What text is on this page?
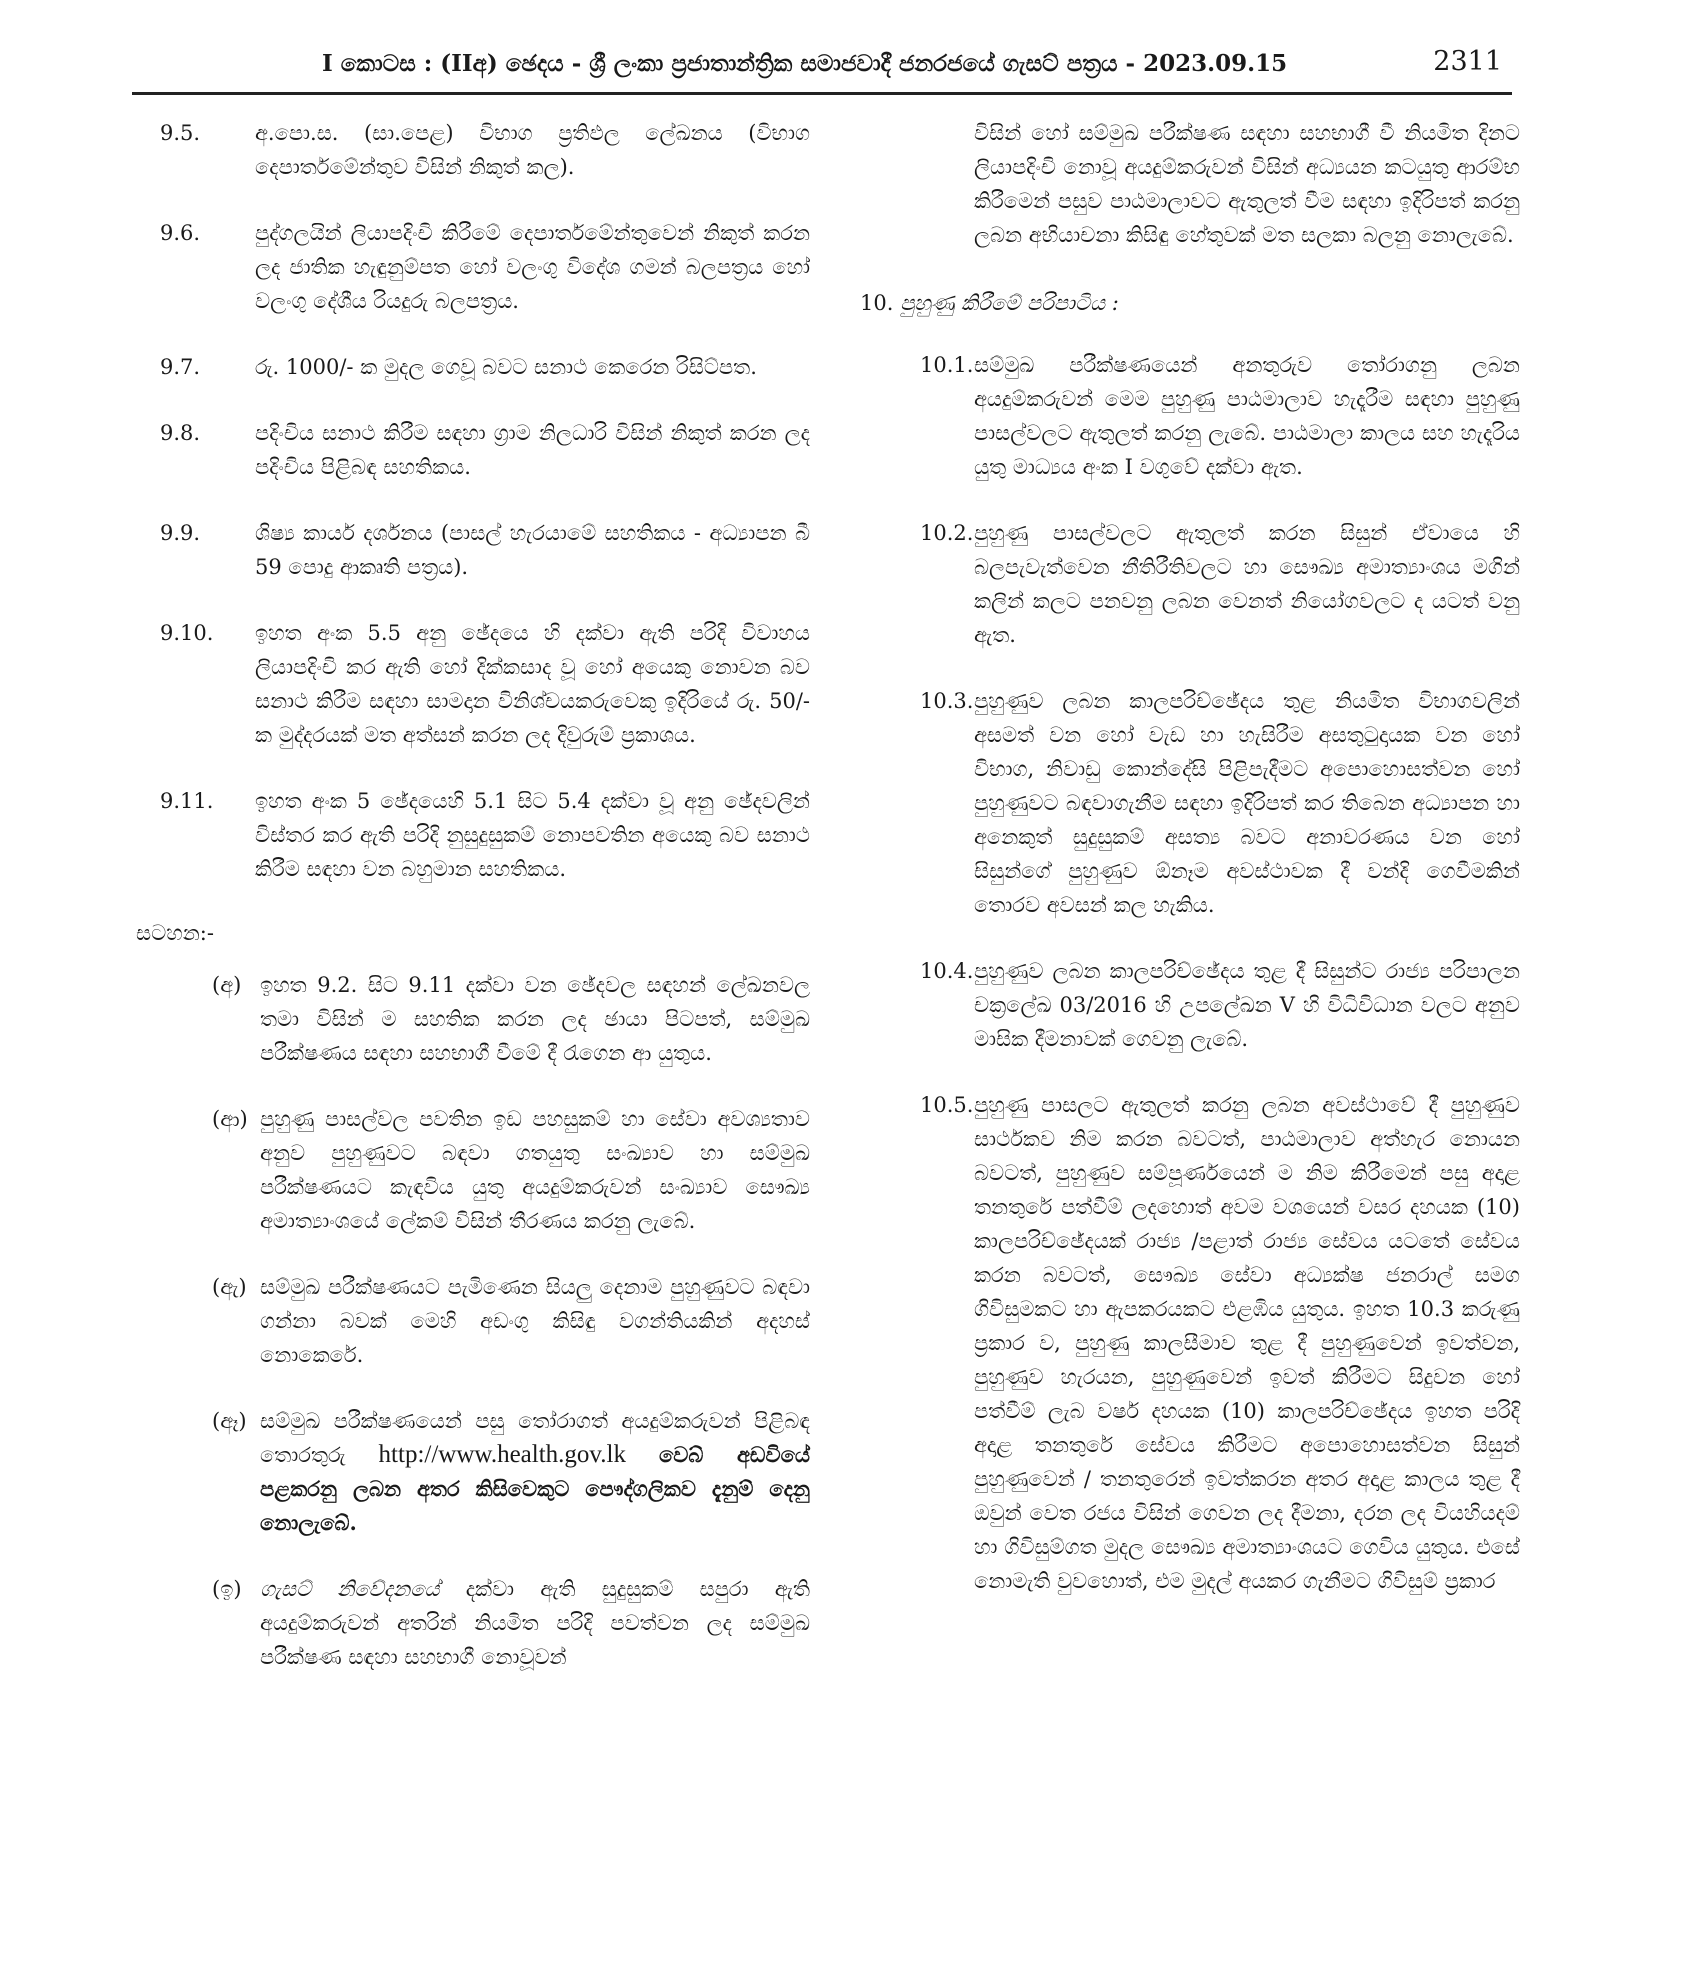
I කොටස : (IIඅ) ඡෙදය - ශ්‍රී ලංකා ප්‍රජාතාන්ත්‍රික සමාජවාදී ජනරජයේ ගැසට් පත්‍රය - 2023.09.15	2311
9.5.	අ.පො.ස. (සා.පෙළ) විභාග ප්‍රතිඵල ලේඛනය (විභාග දෙපාර්තමේන්තුව විසින් නිකුත් කල).

9.6.	පුද්ගලයින් ලියාපදිංචි කිරීමේ දෙපාර්තමේන්තුවෙන් නිකුත් කරන ලද ජාතික හැඳුනුම්පත හෝ වලංගු විදේශ ගමන් බලපත්‍රය හෝ වලංගු දේශීය රියදුරු බලපත්‍රය.

9.7.	රු. 1000/- ක මුදල ගෙවූ බවට සනාථ කෙරෙන රිසිට්පත.

9.8.	පදිංචිය සනාථ කිරීම සඳහා ග්‍රාම නිලධාරි විසින් නිකුත් කරන ලද පදිංචිය පිළිබඳ සහතිකය.

9.9.	ශිෂ්‍ය කාර්ය දර්ශනය (පාසල් හැරයාමේ සහතිකය - අධ්‍යාපන බී 59 පොදු ආකෘති පත්‍රය).

9.10. ඉහත අංක 5.5 අනු ඡේදයෙ හි දක්වා ඇති පරිදි විවාහය ලියාපදිංචි කර ඇති හෝ දික්කසාද වූ හෝ අයෙකු නොවන බව සනාථ කිරීම සඳහා සාමදාන විනිශ්චයකරුවෙකු ඉදිරියේ රු. 50/- ක මුද්දරයක් මත අත්සන් කරන ලද දිවුරුම් ප්‍රකාශය.

9.11. ඉහත අංක 5 ඡේදයෙහි 5.1 සිට 5.4 දක්වා වූ අනු ඡේදවලින් විස්තර කර ඇති පරිදි නුසුදුසුකම් නොපවතින අයෙකු බව සනාථ කිරීම සඳහා වන බහුමාන සහතිකය.

සටහන:-
(අ) ඉහත 9.2. සිට 9.11 දක්වා වන ඡේදවල සඳහන් ලේඛනවල තමා විසින් ම සහතික කරන ලද ඡායා පිටපත්, සම්මුඛ පරීක්ෂණය සඳහා සහභාගී වීමේ දී රැගෙන ආ යුතුය.

(ආ) පුහුණු පාසල්වල පවතින ඉඩ පහසුකම් හා සේවා අවශ්‍යතාව අනුව පුහුණුවට බඳවා ගතයුතු සංඛ්‍යාව හා සම්මුඛ පරීක්ෂණයට කැඳවිය යුතු අයදුම්කරුවන් සංඛ්‍යාව සෞඛ්‍ය අමාත්‍යාංශයේ ලේකම් විසින් තීරණය කරනු ලැබේ.

(ඇ) සම්මුඛ පරීක්ෂණයට පැමිණෙන සියලු දෙනාම පුහුණුවට බඳවා ගන්නා බවක් මෙහි අඩංගු කිසිඳු වගන්තියකින් අදහස් නොකෙරේ.

(ඈ) සම්මුඛ පරීක්ෂණයෙන් පසු තෝරාගත් අයදුම්කරුවන් පිළිබඳ තොරතුරු http://www.health.gov.lk වෙබ් අඩවියේ පළකරනු ලබන අතර කිසිවෙකුට පෞද්ගලිකව දැනුම් දෙනු නොලැබේ.

(ඉ) ගැසට් නිවේදනයේ දක්වා ඇති සුදුසුකම් සපුරා ඇති අයදුම්කරුවන් අතරින් නියමිත පරිදි පවත්වන ලද සම්මුඛ පරීක්ෂණ සඳහා සහභාගී නොවූවන්

විසින් හෝ සම්මුඛ පරීක්ෂණ සඳහා සහභාගී වී නියමිත දිනට ලියාපදිංචි නොවූ අයදුම්කරුවන් විසින් අධ්‍යයන කටයුතු ආරම්භ කිරීමෙන් පසුව පාඨමාලාවට ඇතුලත් වීම සඳහා ඉදිරිපත් කරනු ලබන අභියාචනා කිසිඳු හේතුවක් මත සලකා බලනු නොලැබේ.

10. පුහුණු කිරීමේ පරිපාටිය :
10.1. සම්මුඛ පරීක්ෂණයෙන් අනතුරුව තෝරාගනු ලබන අයදුම්කරුවන් මෙම පුහුණු පාඨමාලාව හැදෑරීම සඳහා පුහුණු පාසල්වලට ඇතුලත් කරනු ලැබේ. පාඨමාලා කාලය සහ හැදෑරිය යුතු මාධ්‍යය අංක I වගුවේ දක්වා ඇත.

10.2. පුහුණු පාසල්වලට ඇතුලත් කරන සිසුන් ඒවායෙ හි බලපැවැත්වෙන නීතිරීතිවලට හා සෞඛ්‍ය අමාත්‍යාංශය මගින් කලින් කලට පනවනු ලබන වෙනත් නියෝගවලට ද යටත් වනු ඇත.

10.3. පුහුණුව ලබන කාලපරිච්ඡේදය තුළ නියමිත විභාගවලින් අසමත් වන හෝ වැඩ හා හැසිරීම අසතුටුදායක වන හෝ විභාග, නිවාඩු කොන්දේසි පිළිපැදීමට අපොහොසත්වන හෝ පුහුණුවට බඳවාගැනීම සඳහා ඉදිරිපත් කර තිබෙන අධ්‍යාපන හා අනෙකුත් සුදුසුකම් අසත්‍ය බවට අනාවරණය වන හෝ සිසුන්ගේ පුහුණුව ඕනෑම අවස්ථාවක දී වන්දි ගෙවීමකින් තොරව අවසන් කල හැකිය.

10.4. පුහුණුව ලබන කාලපරිච්ඡේදය තුළ දී සිසුන්ට රාජ්‍ය පරිපාලන චක්‍රලේඛ 03/2016 හි උපලේඛන V හි විධිවිධාන වලට අනුව මාසික දීමනාවක් ගෙවනු ලැබේ.

10.5. පුහුණු පාසලට ඇතුලත් කරනු ලබන අවස්ථාවේ දී පුහුණුව සාර්ථකව නිම කරන බවටත්, පාඨමාලාව අත්හැර නොයන බවටත්, පුහුණුව සම්පූර්ණයෙන් ම නිම කිරීමෙන් පසු අදාළ තනතුරේ පත්වීම් ලදහොත් අවම වශයෙන් වසර දහයක (10) කාලපරිච්ඡේදයක් රාජ්‍ය /පළාත් රාජ්‍ය සේවය යටතේ සේවය කරන බවටත්, සෞඛ්‍ය සේවා අධ්‍යක්ෂ ජනරාල් සමග ගිවිසුමකට හා ඇපකරයකට එළඹිය යුතුය. ඉහත 10.3 කරුණු ප්‍රකාර ව, පුහුණු කාලසීමාව තුළ දී පුහුණුවෙන් ඉවත්වන, පුහුණුව හැරයන, පුහුණුවෙන් ඉවත් කිරීමට සිදුවන හෝ පත්වීම් ලැබ වර්ෂ දහයක (10) කාලපරිච්ඡේදය ඉහත පරිදි අදාළ තනතුරේ සේවය කිරීමට අපොහොසත්වන සිසුන් පුහුණුවෙන් / තනතුරෙන් ඉවත්කරන අතර අදාළ කාලය තුළ දී ඔවුන් වෙත රජය විසින් ගෙවන ලද දීමනා, දරන ලද වියහියදම් හා ගිවිසුම්ගත මුදල සෞඛ්‍ය අමාත්‍යාංශයට ගෙවිය යුතුය. එසේ නොමැති වුවහොත්, එම මුදල් අයකර ගැනීමට ගිවිසුම් ප්‍රකාර
